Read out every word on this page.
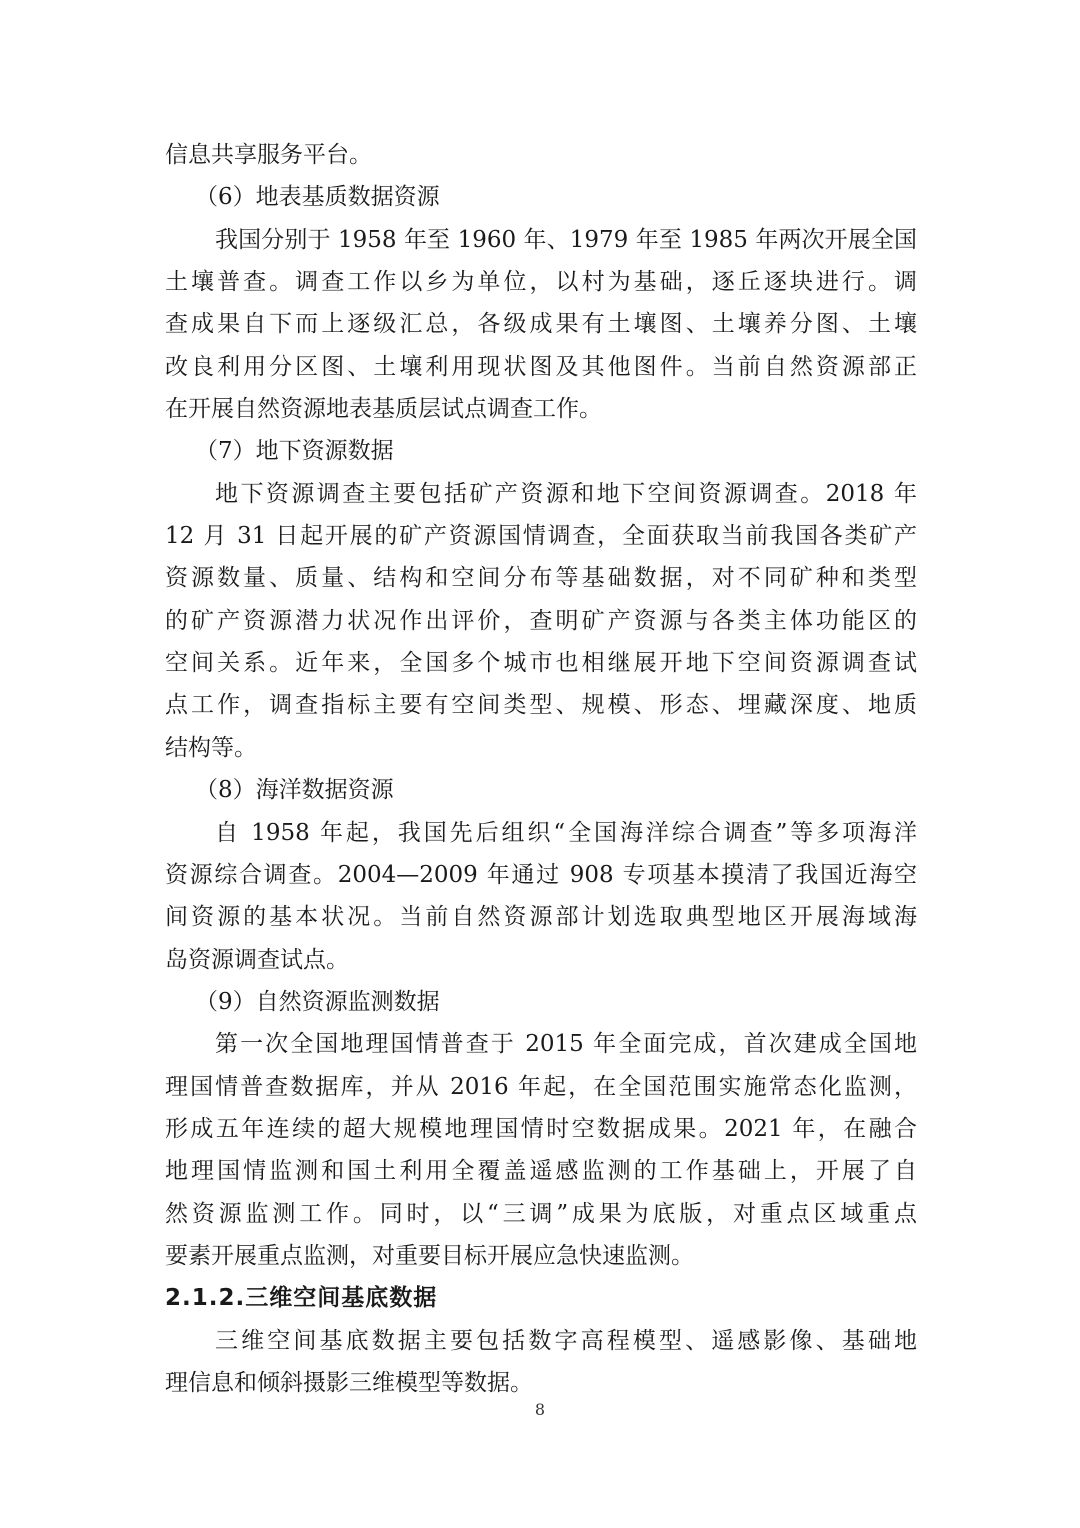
信息共享服务平台。
（6）地表基质数据资源
我国分别于 1958 年至 1960 年、1979 年至 1985 年两次开展全国
土壤普查。调查工作以乡为单位，以村为基础，逐丘逐块进行。调
查成果自下而上逐级汇总，各级成果有土壤图、土壤养分图、土壤
改良利用分区图、土壤利用现状图及其他图件。当前自然资源部正
在开展自然资源地表基质层试点调查工作。
（7）地下资源数据
地下资源调查主要包括矿产资源和地下空间资源调查。2018 年
12 月 31 日起开展的矿产资源国情调查，全面获取当前我国各类矿产
资源数量、质量、结构和空间分布等基础数据，对不同矿种和类型
的矿产资源潜力状况作出评价，查明矿产资源与各类主体功能区的
空间关系。近年来，全国多个城市也相继展开地下空间资源调查试
点工作，调查指标主要有空间类型、规模、形态、埋藏深度、地质
结构等。
（8）海洋数据资源
自 1958 年起，我国先后组织“全国海洋综合调查”等多项海洋
资源综合调查。2004—2009 年通过 908 专项基本摸清了我国近海空
间资源的基本状况。当前自然资源部计划选取典型地区开展海域海
岛资源调查试点。
（9）自然资源监测数据
第一次全国地理国情普查于 2015 年全面完成，首次建成全国地
理国情普查数据库，并从 2016 年起，在全国范围实施常态化监测，
形成五年连续的超大规模地理国情时空数据成果。2021 年，在融合
地理国情监测和国土利用全覆盖遥感监测的工作基础上，开展了自
然资源监测工作。同时，以“三调”成果为底版，对重点区域重点
要素开展重点监测，对重要目标开展应急快速监测。
2.1.2.三维空间基底数据
三维空间基底数据主要包括数字高程模型、遥感影像、基础地
理信息和倾斜摄影三维模型等数据。
8
